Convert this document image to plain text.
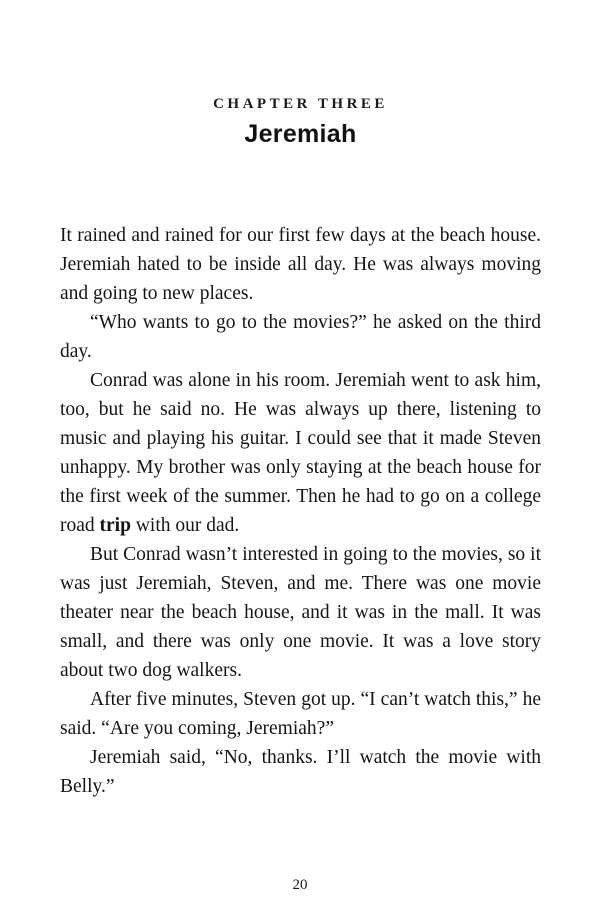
CHAPTER THREE
Jeremiah

It rained and rained for our first few days at the beach house. Jeremiah hated to be inside all day. He was always moving and going to new places.

“Who wants to go to the movies?” he asked on the third day.

Conrad was alone in his room. Jeremiah went to ask him, too, but he said no. He was always up there, listening to music and playing his guitar. I could see that it made Steven unhappy. My brother was only staying at the beach house for the first week of the summer. Then he had to go on a college road trip with our dad.

But Conrad wasn’t interested in going to the movies, so it was just Jeremiah, Steven, and me. There was one movie theater near the beach house, and it was in the mall. It was small, and there was only one movie. It was a love story about two dog walkers.

After five minutes, Steven got up. “I can’t watch this,” he said. “Are you coming, Jeremiah?”

Jeremiah said, “No, thanks. I’ll watch the movie with Belly.”

20
